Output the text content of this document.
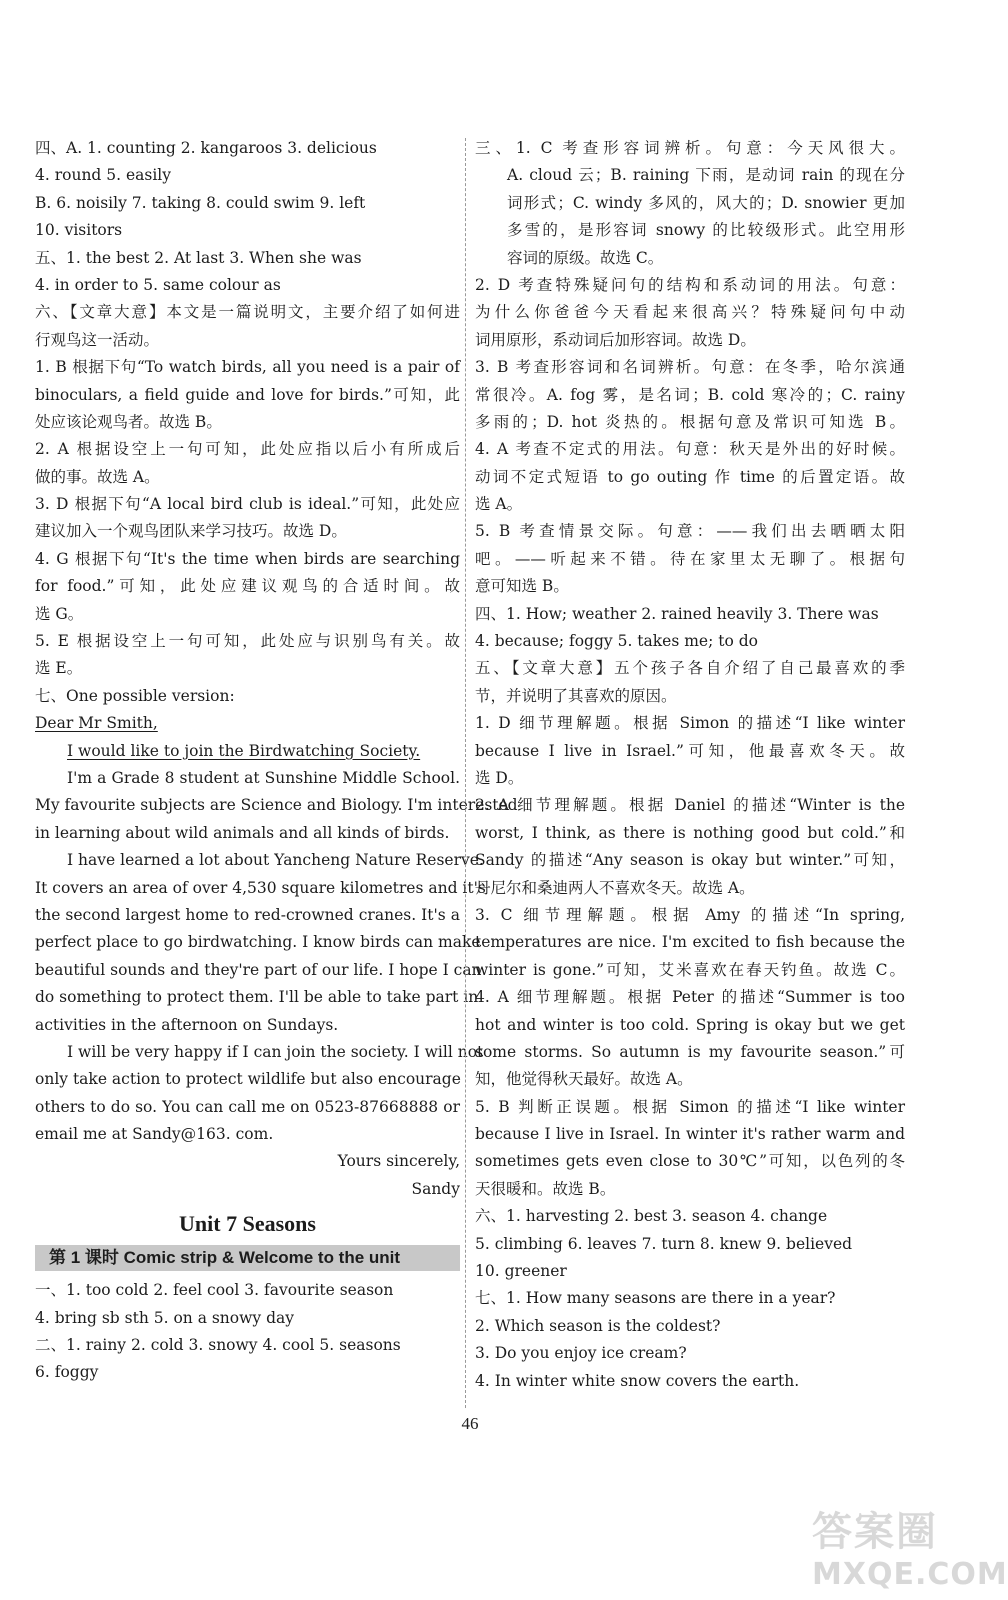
四、A. 1. counting 2. kangaroos 3. delicious
4. round 5. easily
B. 6. noisily 7. taking 8. could swim 9. left
10. visitors
五、1. the best 2. At last 3. When she was
4. in order to 5. same colour as
六、【文章大意】本文是一篇说明文，主要介绍了如何进
行观鸟这一活动。
1. B 根据下句“To watch birds, all you need is a pair of
binoculars, a field guide and love for birds.”可知，此
处应该论观鸟者。故选 B。
2. A 根据设空上一句可知，此处应指以后小有所成后
做的事。故选 A。
3. D 根据下句“A local bird club is ideal.”可知，此处应
建议加入一个观鸟团队来学习技巧。故选 D。
4. G 根据下句“It's the time when birds are searching
for food.”可知，此处应建议观鸟的合适时间。故
选 G。
5. E 根据设空上一句可知，此处应与识别鸟有关。故
选 E。
七、One possible version:
Dear Mr Smith,
I would like to join the Birdwatching Society.
I'm a Grade 8 student at Sunshine Middle School.
My favourite subjects are Science and Biology. I'm interested
in learning about wild animals and all kinds of birds.
I have learned a lot about Yancheng Nature Reserve.
It covers an area of over 4,530 square kilometres and it's
the second largest home to red-crowned cranes. It's a
perfect place to go birdwatching. I know birds can make
beautiful sounds and they're part of our life. I hope I can
do something to protect them. I'll be able to take part in
activities in the afternoon on Sundays.
I will be very happy if I can join the society. I will not
only take action to protect wildlife but also encourage
others to do so. You can call me on 0523-87668888 or
email me at Sandy@163. com.
Yours sincerely,
Sandy
Unit 7 Seasons
第 1 课时 Comic strip & Welcome to the unit
一、1. too cold 2. feel cool 3. favourite season
4. bring sb sth 5. on a snowy day
二、1. rainy 2. cold 3. snowy 4. cool 5. seasons
6. foggy
三、1. C 考查形容词辨析。句意：今天风很大。
A. cloud 云；B. raining 下雨，是动词 rain 的现在分
词形式；C. windy 多风的，风大的；D. snowier 更加
多雪的，是形容词 snowy 的比较级形式。此空用形
容词的原级。故选 C。
2. D 考查特殊疑问句的结构和系动词的用法。句意：
为什么你爸爸今天看起来很高兴？特殊疑问句中动
词用原形，系动词后加形容词。故选 D。
3. B 考查形容词和名词辨析。句意：在冬季，哈尔滨通
常很冷。A. fog 雾，是名词；B. cold 寒冷的；C. rainy
多雨的；D. hot 炎热的。根据句意及常识可知选 B。
4. A 考查不定式的用法。句意：秋天是外出的好时候。
动词不定式短语 to go outing 作 time 的后置定语。故
选 A。
5. B 考查情景交际。句意：——我们出去晒晒太阳
吧。——听起来不错。待在家里太无聊了。根据句
意可知选 B。
四、1. How; weather 2. rained heavily 3. There was
4. because; foggy 5. takes me; to do
五、【文章大意】五个孩子各自介绍了自己最喜欢的季
节，并说明了其喜欢的原因。
1. D 细节理解题。根据 Simon 的描述“I like winter
because I live in Israel.”可知，他最喜欢冬天。故
选 D。
2. A 细节理解题。根据 Daniel 的描述“Winter is the
worst, I think, as there is nothing good but cold.”和
Sandy 的描述“Any season is okay but winter.”可知，
丹尼尔和桑迪两人不喜欢冬天。故选 A。
3. C 细节理解题。根据 Amy 的描述“In spring,
temperatures are nice. I'm excited to fish because the
winter is gone.”可知，艾米喜欢在春天钓鱼。故选 C。
4. A 细节理解题。根据 Peter 的描述“Summer is too
hot and winter is too cold. Spring is okay but we get
some storms. So autumn is my favourite season.”可
知，他觉得秋天最好。故选 A。
5. B 判断正误题。根据 Simon 的描述“I like winter
because I live in Israel. In winter it's rather warm and
sometimes gets even close to 30℃”可知，以色列的冬
天很暖和。故选 B。
六、1. harvesting 2. best 3. season 4. change
5. climbing 6. leaves 7. turn 8. knew 9. believed
10. greener
七、1. How many seasons are there in a year?
2. Which season is the coldest?
3. Do you enjoy ice cream?
4. In winter white snow covers the earth.
46
答案圈
MXQE.COM
